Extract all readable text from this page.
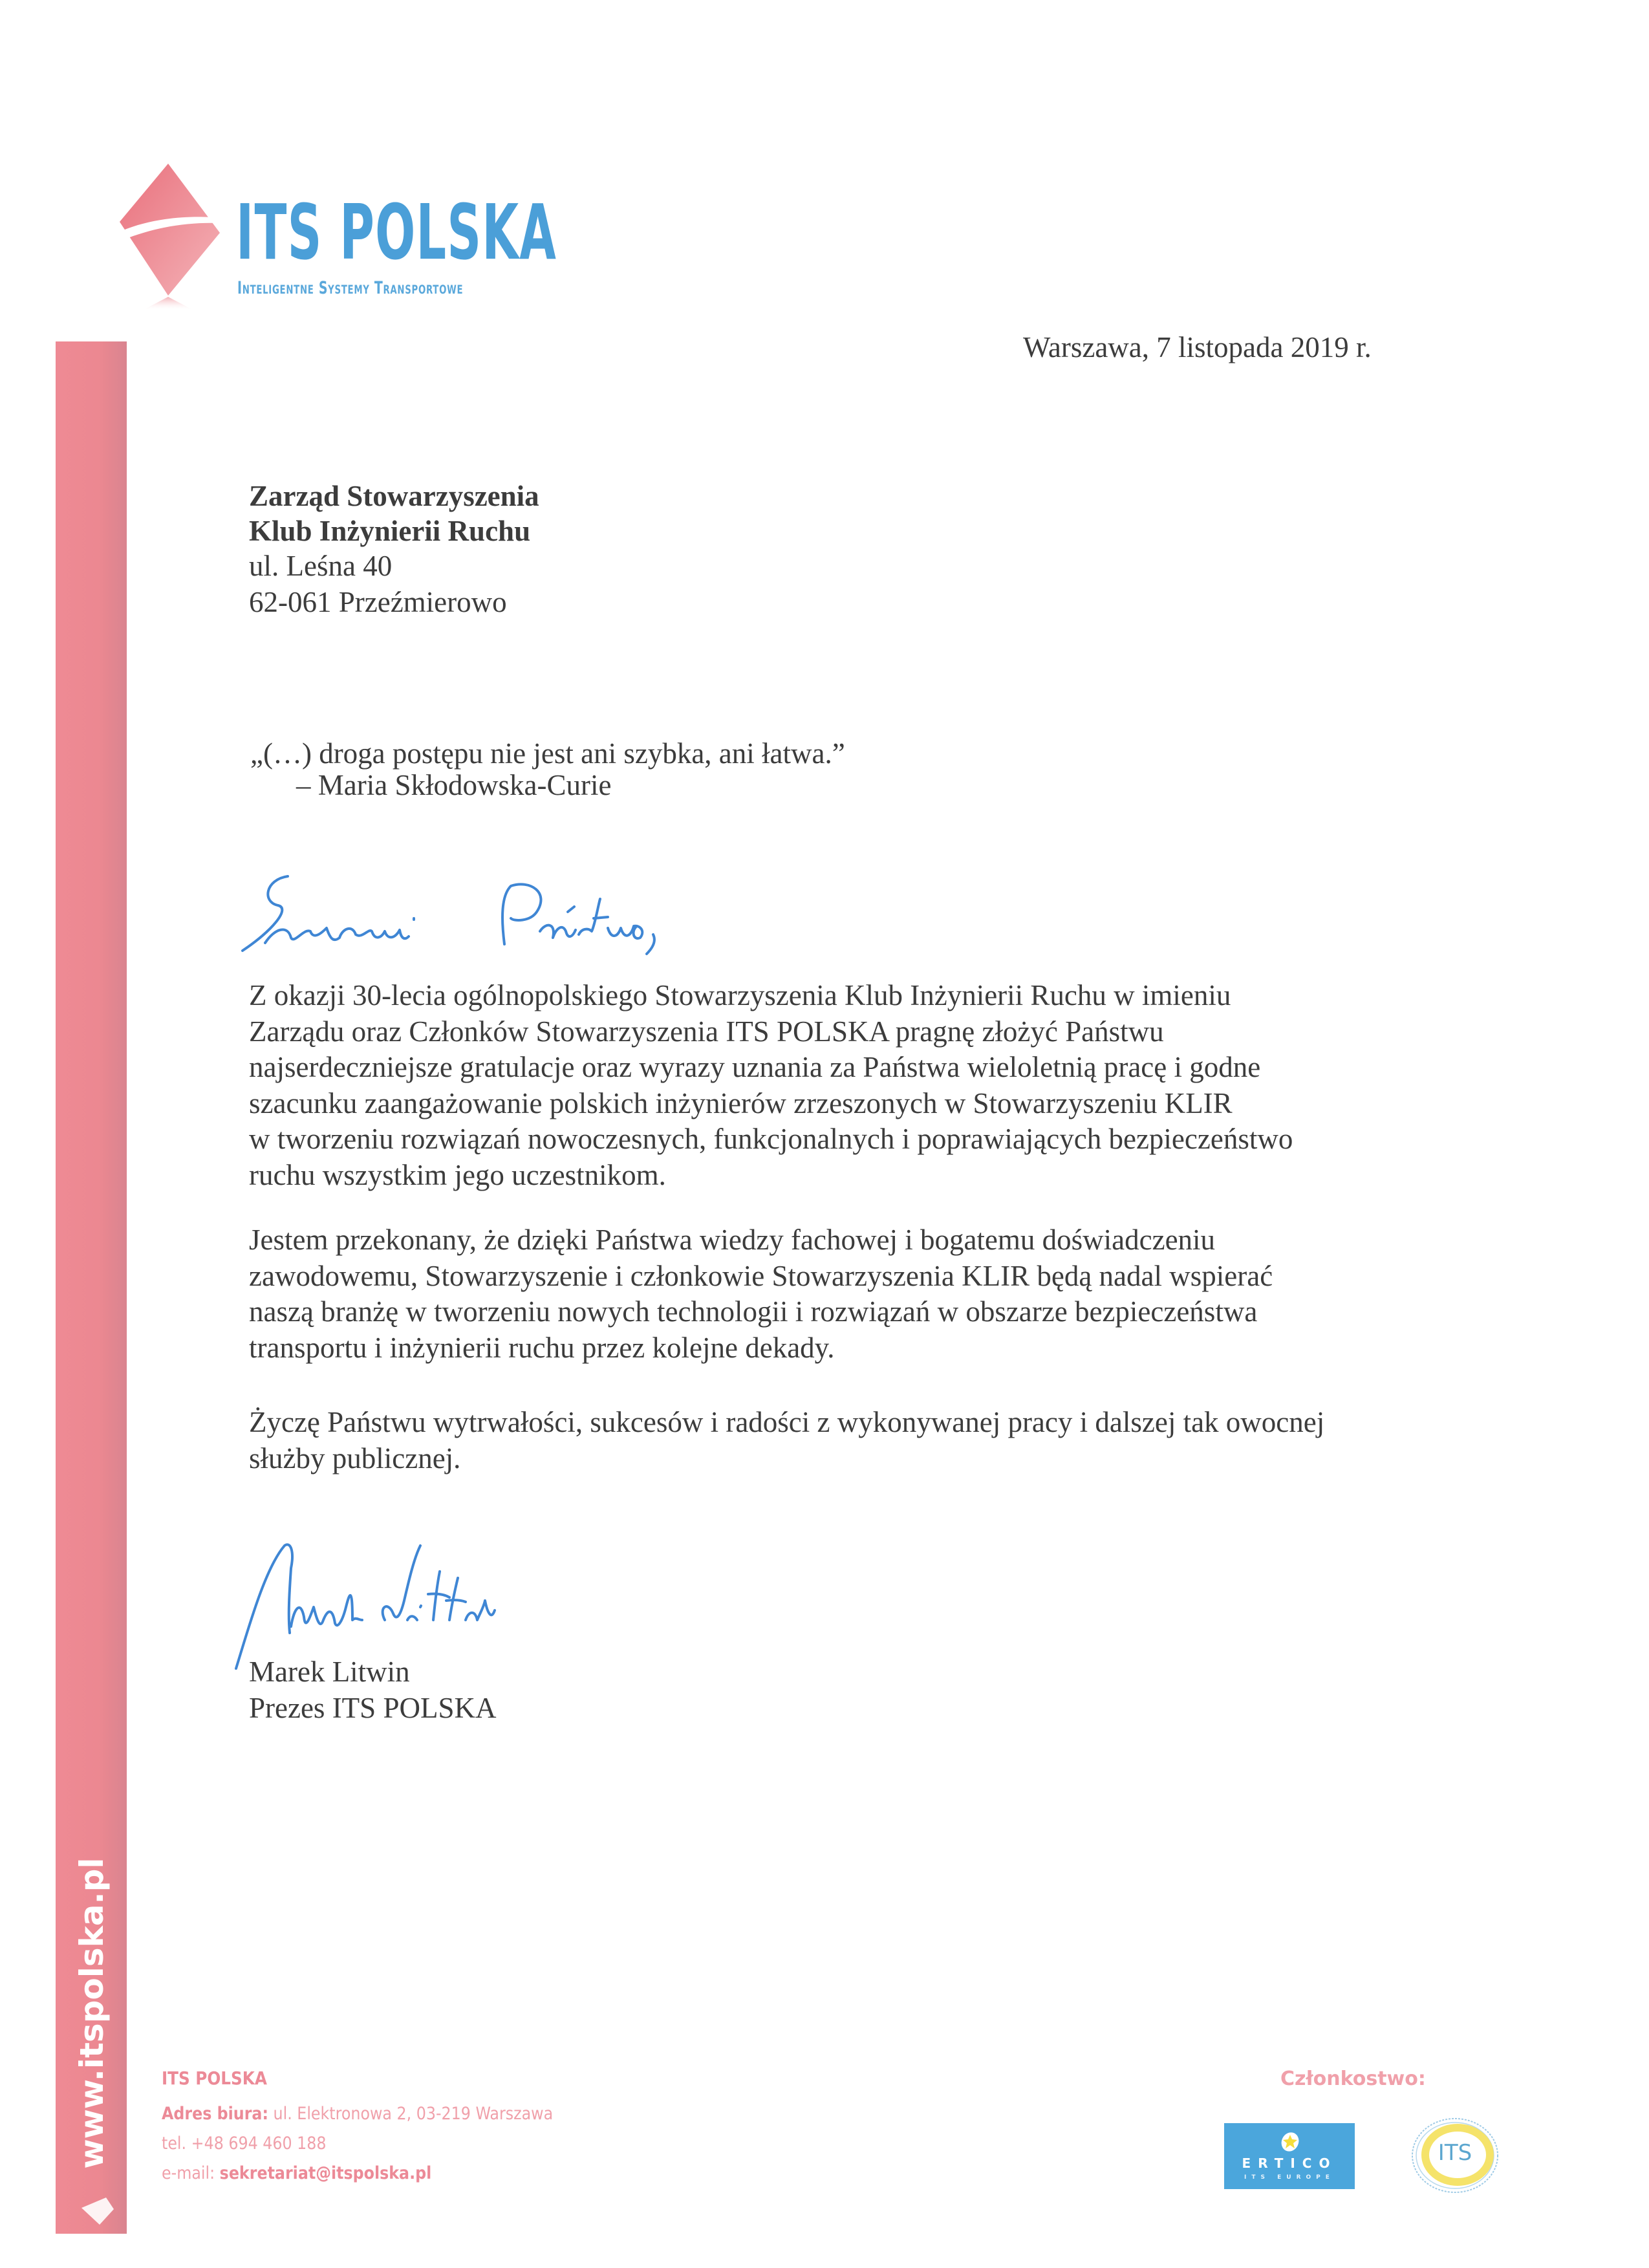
ITS POLSKA
Inteligentne Systemy Transportowe
www.itspolska.pl
Warszawa, 7 listopada 2019 r.
Zarząd Stowarzyszenia
Klub Inżynierii Ruchu
ul. Leśna 40
62-061 Przeźmierowo
„(…) droga postępu nie jest ani szybka, ani łatwa.”
– Maria Skłodowska-Curie
Z okazji 30-lecia ogólnopolskiego Stowarzyszenia Klub Inżynierii Ruchu w imieniu
Zarządu oraz Członków Stowarzyszenia ITS POLSKA pragnę złożyć Państwu
najserdeczniejsze gratulacje oraz wyrazy uznania za Państwa wieloletnią pracę i godne
szacunku zaangażowanie polskich inżynierów zrzeszonych w Stowarzyszeniu KLIR
w tworzeniu rozwiązań nowoczesnych, funkcjonalnych i poprawiających bezpieczeństwo
ruchu wszystkim jego uczestnikom.
Jestem przekonany, że dzięki Państwa wiedzy fachowej i bogatemu doświadczeniu
zawodowemu, Stowarzyszenie i członkowie Stowarzyszenia KLIR będą nadal wspierać
naszą branżę w tworzeniu nowych technologii i rozwiązań w obszarze bezpieczeństwa
transportu i inżynierii ruchu przez kolejne dekady.
Życzę Państwu wytrwałości, sukcesów i radości z wykonywanej pracy i dalszej tak owocnej
służby publicznej.
Marek Litwin
Prezes ITS POLSKA
ITS POLSKA
Adres biura: ul. Elektronowa 2, 03-219 Warszawa
tel. +48 694 460 188
e-mail: sekretariat@itspolska.pl
Członkostwo:
ERTICO
ITS EUROPE
ITS
